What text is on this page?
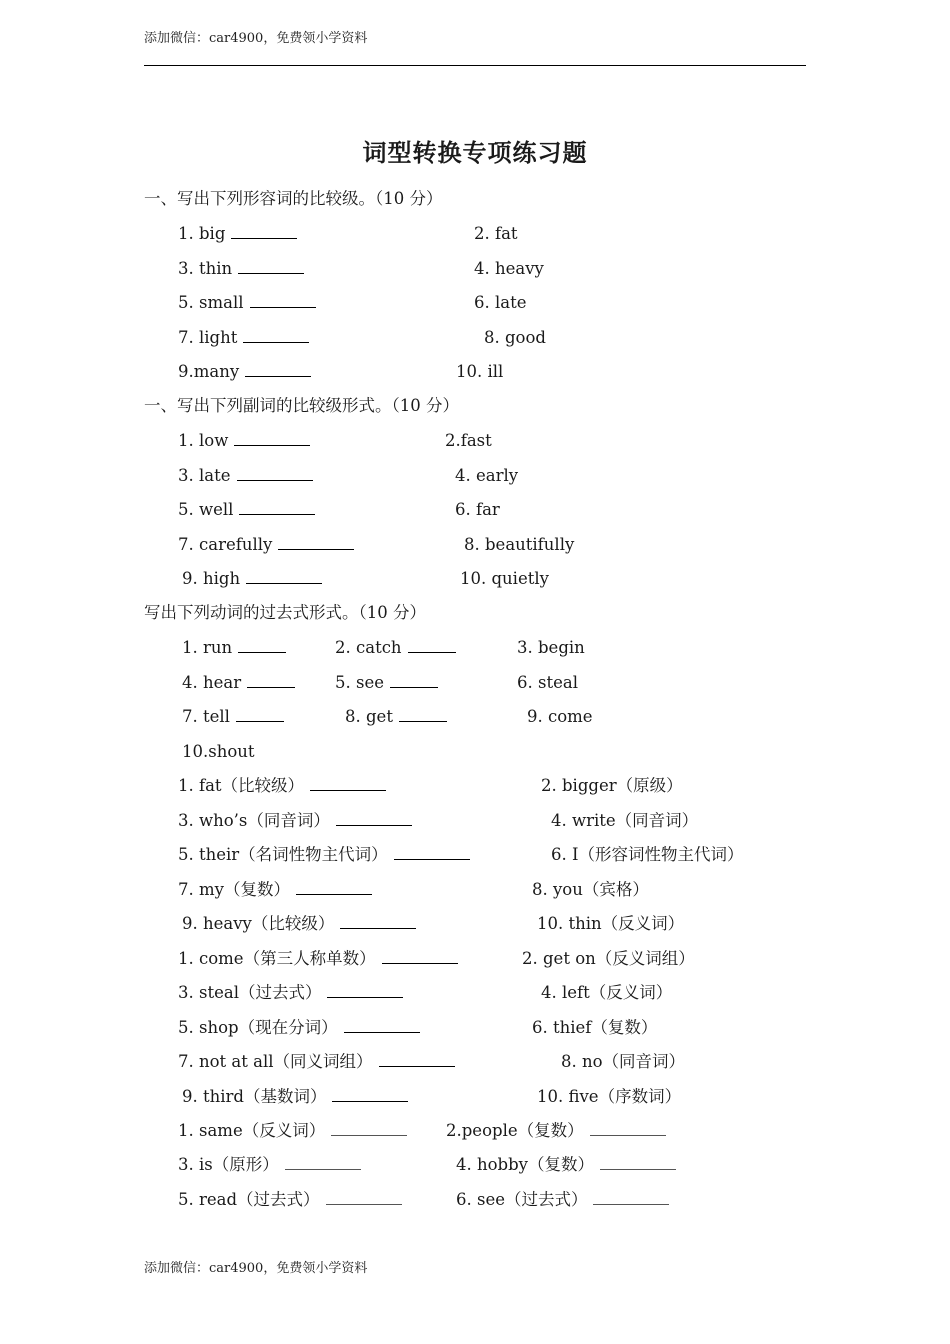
添加微信：car4900，免费领小学资料
词型转换专项练习题
一、写出下列形容词的比较级。（10 分）
1. big	2. fat
3. thin	4. heavy
5. small	6. late
7. light	8. good
9.many	10. ill
一、写出下列副词的比较级形式。（10 分）
1. low	2.fast
3. late	4. early
5. well	6. far
7. carefully	8. beautifully
9. high	10. quietly
写出下列动词的过去式形式。（10 分）
1. run	2. catch	3. begin
4. hear	5. see	6. steal
7. tell	8. get	9. come
10.shout
1. fat（比较级）	2. bigger（原级）
3. who’s（同音词）	4. write（同音词）
5. their（名词性物主代词）	6. I（形容词性物主代词）
7. my（复数）	8. you（宾格）
9. heavy（比较级）	10. thin（反义词）
1. come（第三人称单数）	2. get on（反义词组）
3. steal（过去式）	4. left（反义词）
5. shop（现在分词）	6. thief（复数）
7. not at all（同义词组）	8. no（同音词）
9. third（基数词）	10. five（序数词）
1. same（反义词）	2.people（复数）
3. is（原形）	4. hobby（复数）
5. read（过去式）	6. see（过去式）
添加微信：car4900，免费领小学资料
